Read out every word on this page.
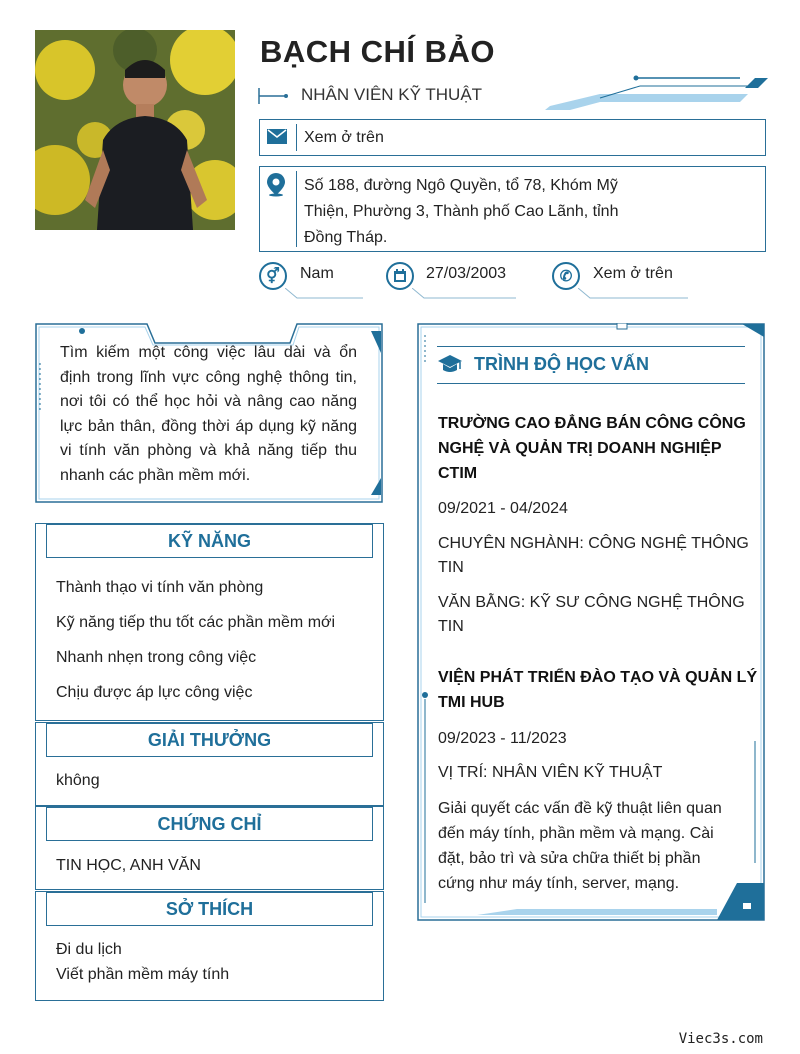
BẠCH CHÍ BẢO
NHÂN VIÊN KỸ THUẬT
Xem ở trên
Số 188, đường Ngô Quyền, tổ 78, Khóm Mỹ
Thiện, Phường 3, Thành phố Cao Lãnh, tỉnh
Đồng Tháp.
⚥	Nam	27/03/2003	✆	Xem ở trên
Tìm kiếm một công việc lâu dài và ổn định trong lĩnh vực công nghệ thông tin, nơi tôi có thể học hỏi và nâng cao năng lực bản thân, đồng thời áp dụng kỹ năng vi tính văn phòng và khả năng tiếp thu nhanh các phần mềm mới.
KỸ NĂNG
Thành thạo vi tính văn phòng
Kỹ năng tiếp thu tốt các phần mềm mới
Nhanh nhẹn trong công việc
Chịu được áp lực công việc
GIẢI THƯỞNG
không
CHỨNG CHỈ
TIN HỌC, ANH VĂN
SỞ THÍCH
Đi du lịch
Viết phần mềm máy tính
TRÌNH ĐỘ HỌC VẤN
TRƯỜNG CAO ĐẲNG BÁN CÔNG CÔNG
NGHỆ VÀ QUẢN TRỊ DOANH NGHIỆP
CTIM
09/2021 - 04/2024
CHUYÊN NGHÀNH: CÔNG NGHỆ THÔNG
TIN
VĂN BẰNG: KỸ SƯ CÔNG NGHỆ THÔNG
TIN
VIỆN PHÁT TRIỂN ĐÀO TẠO VÀ QUẢN LÝ
TMI HUB
09/2023 - 11/2023
VỊ TRÍ: NHÂN VIÊN KỸ THUẬT
Giải quyết các vấn đề kỹ thuật liên quan
đến máy tính, phần mềm và mạng. Cài
đặt, bảo trì và sửa chữa thiết bị phần
cứng như máy tính, server, mạng.
Viec3s.com
